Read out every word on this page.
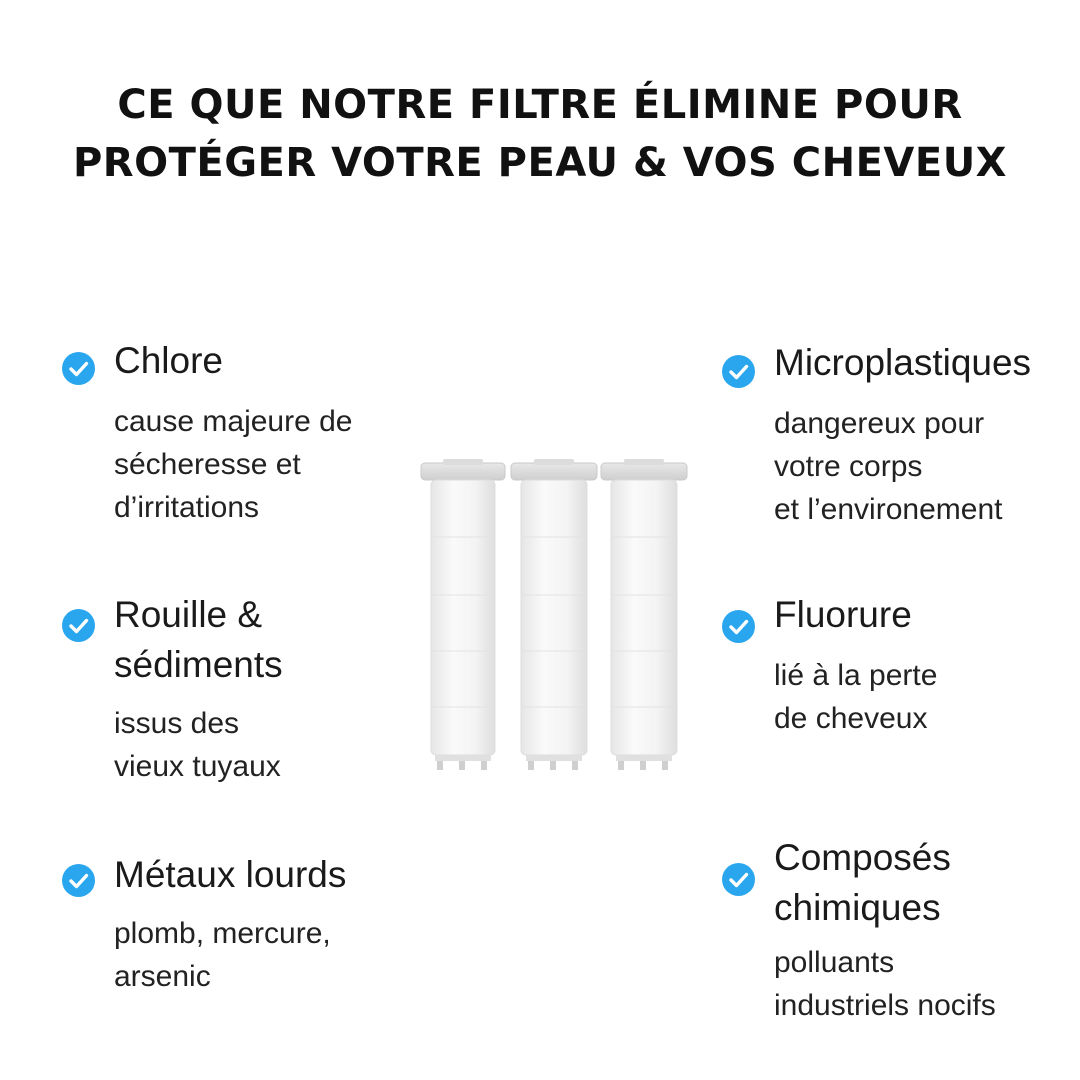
CE QUE NOTRE FILTRE ÉLIMINE POUR
PROTÉGER VOTRE PEAU & VOS CHEVEUX
Chlore
cause majeure de
sécheresse et
d’irritations
Rouille &
sédiments
issus des
vieux tuyaux
Métaux lourds
plomb, mercure,
arsenic
Microplastiques
dangereux pour
votre corps
et l’environement
Fluorure
lié à la perte
de cheveux
Composés
chimiques
polluants
industriels nocifs
